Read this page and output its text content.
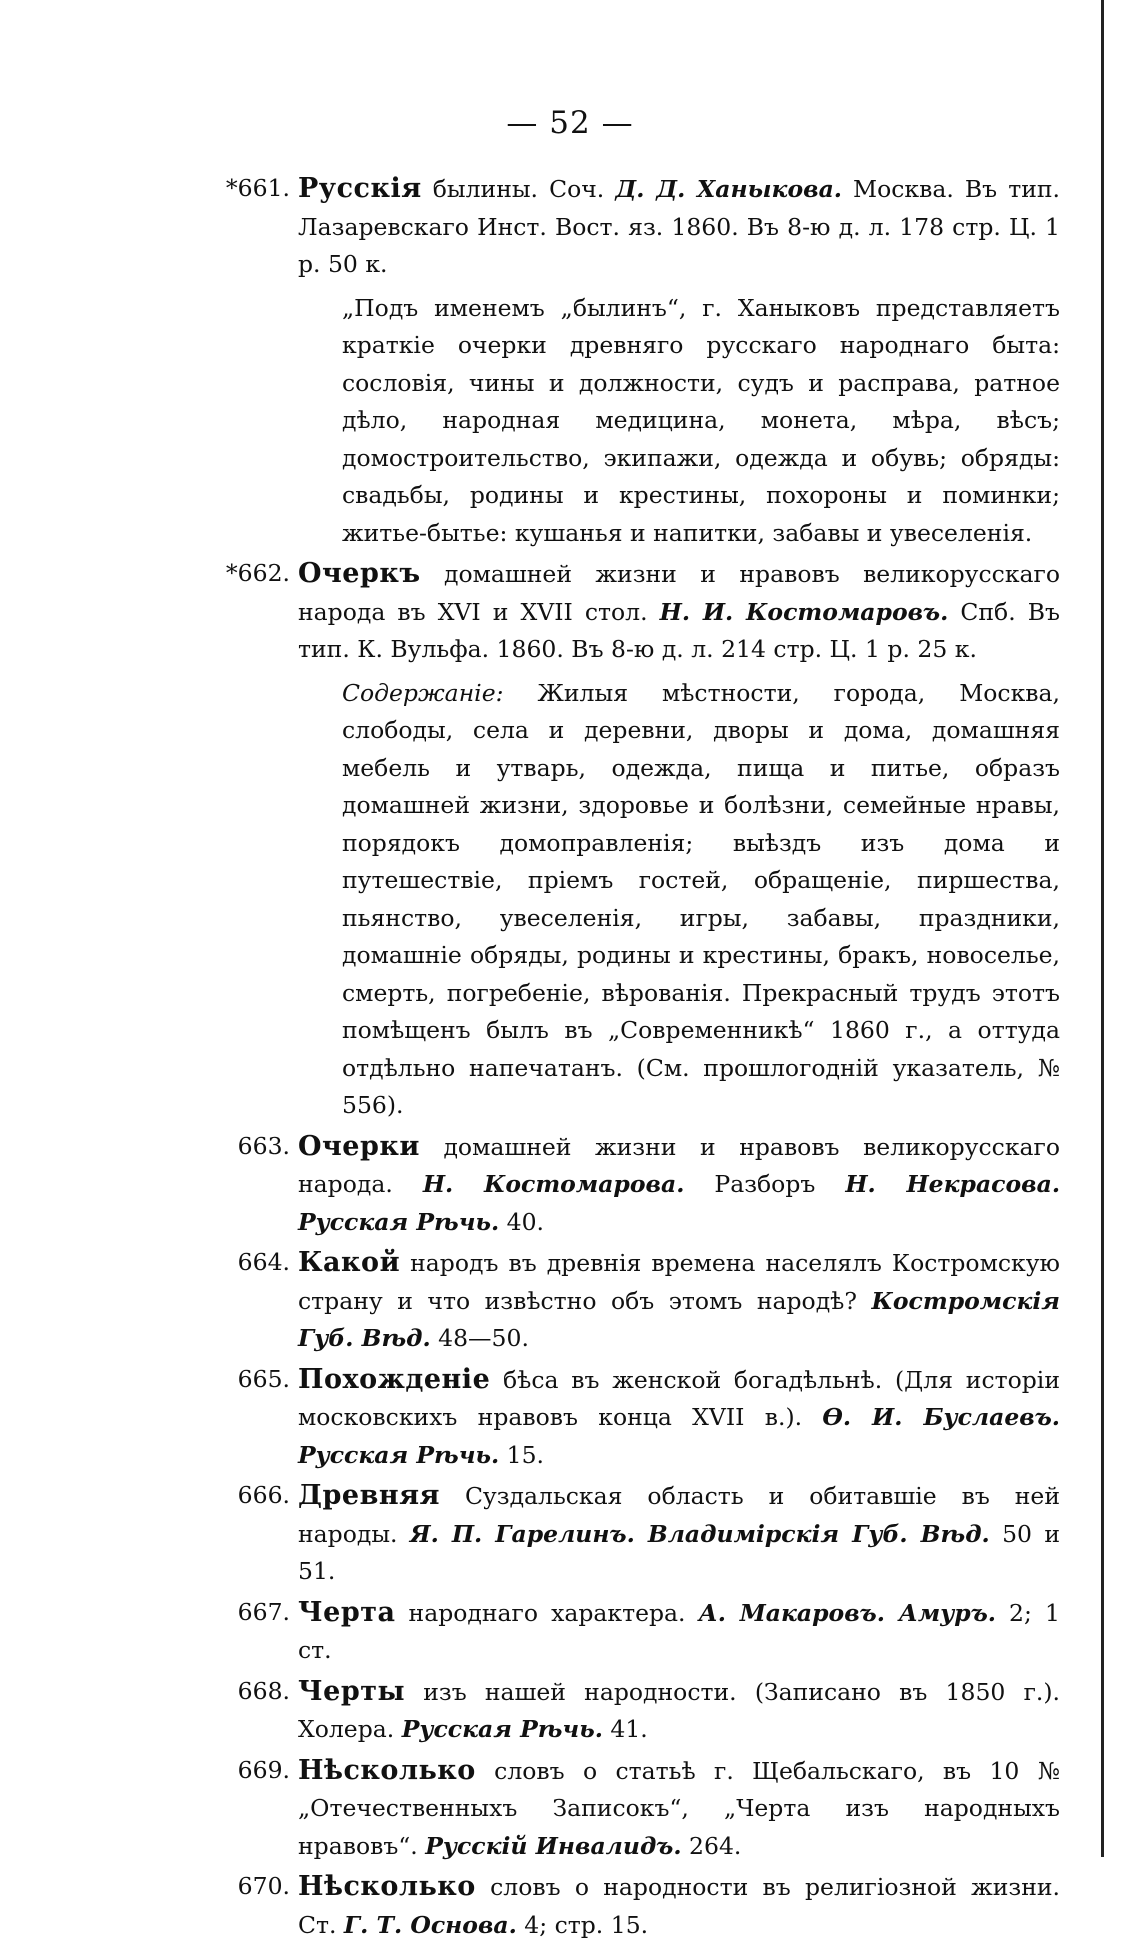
— 52 —
*661. Русскія былины. Соч. Д. Д. Ханыкова. Москва. Въ тип. Лазаревскаго Инст. Вост. яз. 1860. Въ 8-ю д. л. 178 стр. Ц. 1 р. 50 к.
„Подъ именемъ „былинъ“, г. Ханыковъ представляетъ краткіе очерки древняго русскаго народнаго быта: сословія, чины и должности, судъ и расправа, ратное дѣло, народная медицина, монета, мѣра, вѣсъ; домостроительство, экипажи, одежда и обувь; обряды: свадьбы, родины и крестины, похороны и поминки; житье-бытье: кушанья и напитки, забавы и увеселенія.
*662. Очеркъ домашней жизни и нравовъ великорусскаго народа въ XVI и XVII стол. Н. И. Костомаровъ. Спб. Въ тип. К. Вульфа. 1860. Въ 8-ю д. л. 214 стр. Ц. 1 р. 25 к.
Содержаніе: Жилыя мѣстности, города, Москва, слободы, села и деревни, дворы и дома, домашняя мебель и утварь, одежда, пища и питье, образъ домашней жизни, здоровье и болѣзни, семейные нравы, порядокъ домоправленія; выѣздъ изъ дома и путешествіе, пріемъ гостей, обращеніе, пиршества, пьянство, увеселенія, игры, забавы, праздники, домашніе обряды, родины и крестины, бракъ, новоселье, смерть, погребеніе, вѣрованія. Прекрасный трудъ этотъ помѣщенъ былъ въ „Современникѣ“ 1860 г., а оттуда отдѣльно напечатанъ. (См. прошлогодній указатель, № 556).
663. Очерки домашней жизни и нравовъ великорусскаго народа. Н. Костомарова. Разборъ Н. Некрасова. Русская Рѣчь. 40.
664. Какой народъ въ древнія времена населялъ Костромскую страну и что извѣстно объ этомъ народѣ? Костромскія Губ. Вѣд. 48—50.
665. Похожденіе бѣса въ женской богадѣльнѣ. (Для исторіи московскихъ нравовъ конца XVII в.). Ѳ. И. Буслаевъ. Русская Рѣчь. 15.
666. Древняя Суздальская область и обитавшіе въ ней народы. Я. П. Гарелинъ. Владимірскія Губ. Вѣд. 50 и 51.
667. Черта народнаго характера. А. Макаровъ. Амуръ. 2; 1 ст.
668. Черты изъ нашей народности. (Записано въ 1850 г.). Холера. Русская Рѣчь. 41.
669. Нѣсколько словъ о статьѣ г. Щебальскаго, въ 10 № „Отечественныхъ Записокъ“, „Черта изъ народныхъ нравовъ“. Русскій Инвалидъ. 264.
670. Нѣсколько словъ о народности въ религіозной жизни. Ст. Г. Т. Основа. 4; стр. 15.
